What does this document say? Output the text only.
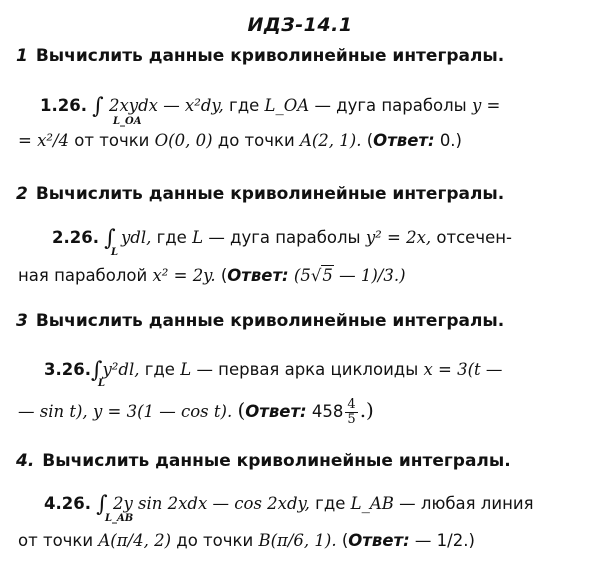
ИДЗ-14.1
1 Вычислить данные криволинейные интегралы.
1.26. ∫ 2xydx — x²dy, где L_OA — дуга параболы y =
L_OA
= x²/4 от точки O(0, 0) до точки A(2, 1). (Ответ: 0.)
2 Вычислить данные криволинейные интегралы.
2.26. ∫ ydl, где L — дуга параболы y² = 2x, отсечен-
L
ная параболой x² = 2y. (Ответ: (5√5 — 1)/3.)
3 Вычислить данные криволинейные интегралы.
3.26.∫y²dl, где L — первая арка циклоиды x = 3(t —
L
— sin t), y = 3(1 — cos t). (Ответ: $458 \frac{4}{5}$ .)
4. Вычислить данные криволинейные интегралы.
4.26. ∫ 2y sin 2xdx — cos 2xdy, где L_AB — любая линия
L_AB
от точки A(π/4, 2) до точки B(π/6, 1). (Ответ: — 1/2.)
